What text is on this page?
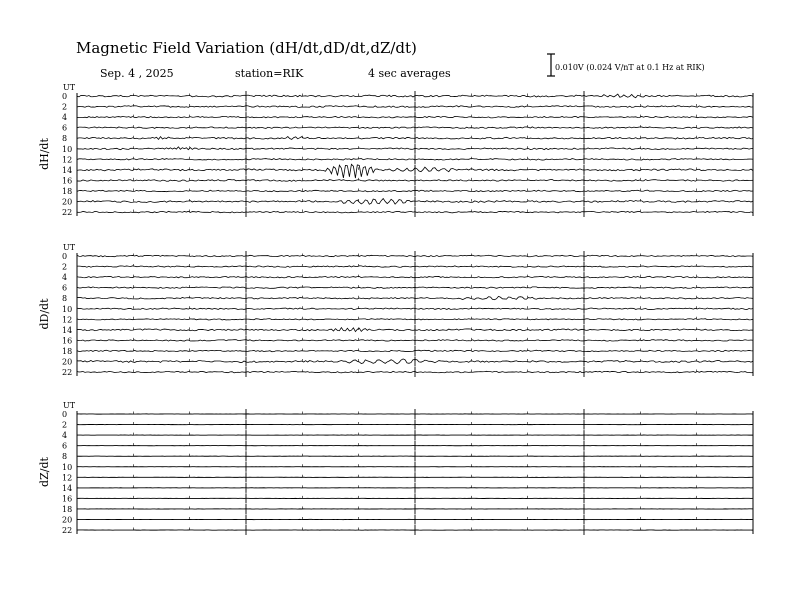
Magnetic Field Variation (dH/dt,dD/dt,dZ/dt)
Sep. 4 , 2025	station=RIK	4 sec averages	0.010V (0.024 V/nT at 0.1 Hz at RIK)
UT
dH/dt
0
2
4
6
8
10
12
14
16
18
20
22
UT
dD/dt
0
2
4
6
8
10
12
14
16
18
20
22
UT
dZ/dt
0
2
4
6
8
10
12
14
16
18
20
22
